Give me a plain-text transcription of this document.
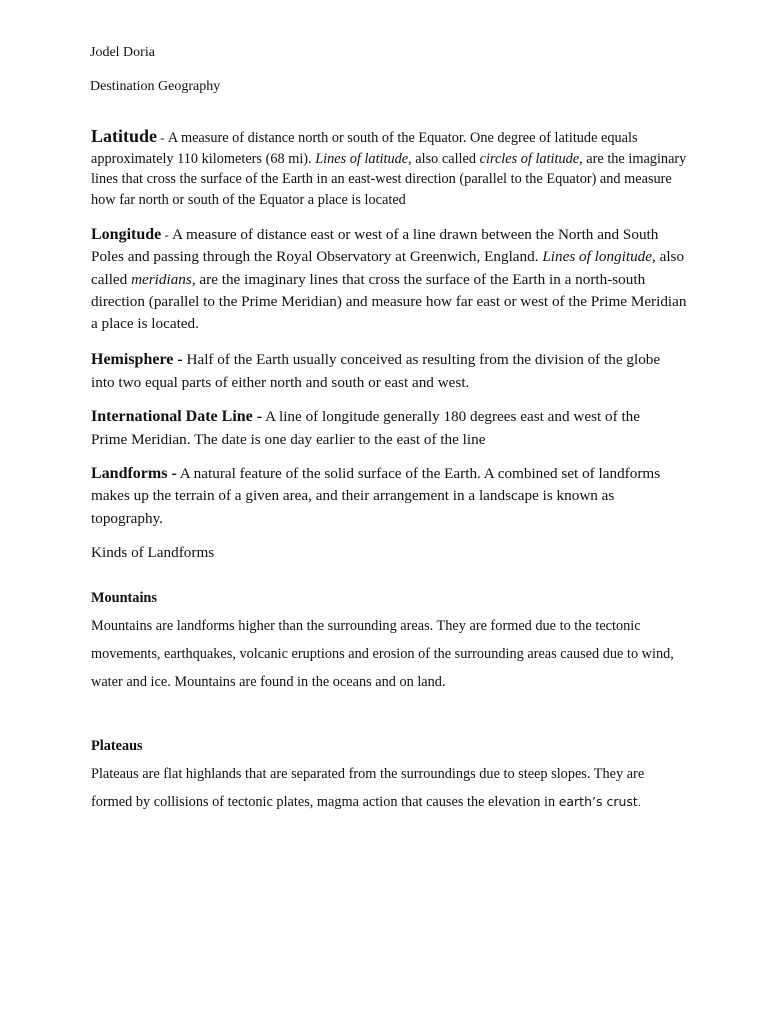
Jodel Doria
Destination Geography

Latitude - A measure of distance north or south of the Equator. One degree of latitude equals approximately 110 kilometers (68 mi). Lines of latitude, also called circles of latitude, are the imaginary lines that cross the surface of the Earth in an east-west direction (parallel to the Equator) and measure how far north or south of the Equator a place is located

Longitude - A measure of distance east or west of a line drawn between the North and South Poles and passing through the Royal Observatory at Greenwich, England. Lines of longitude, also called meridians, are the imaginary lines that cross the surface of the Earth in a north-south direction (parallel to the Prime Meridian) and measure how far east or west of the Prime Meridian a place is located.

Hemisphere - Half of the Earth usually conceived as resulting from the division of the globe into two equal parts of either north and south or east and west.

International Date Line - A line of longitude generally 180 degrees east and west of the Prime Meridian. The date is one day earlier to the east of the line

Landforms - A natural feature of the solid surface of the Earth. A combined set of landforms makes up the terrain of a given area, and their arrangement in a landscape is known as topography.

Kinds of Landforms
Mountains

Mountains are landforms higher than the surrounding areas. They are formed due to the tectonic movements, earthquakes, volcanic eruptions and erosion of the surrounding areas caused due to wind, water and ice. Mountains are found in the oceans and on land.

Plateaus

Plateaus are flat highlands that are separated from the surroundings due to steep slopes. They are formed by collisions of tectonic plates, magma action that causes the elevation in earth’s crust.
